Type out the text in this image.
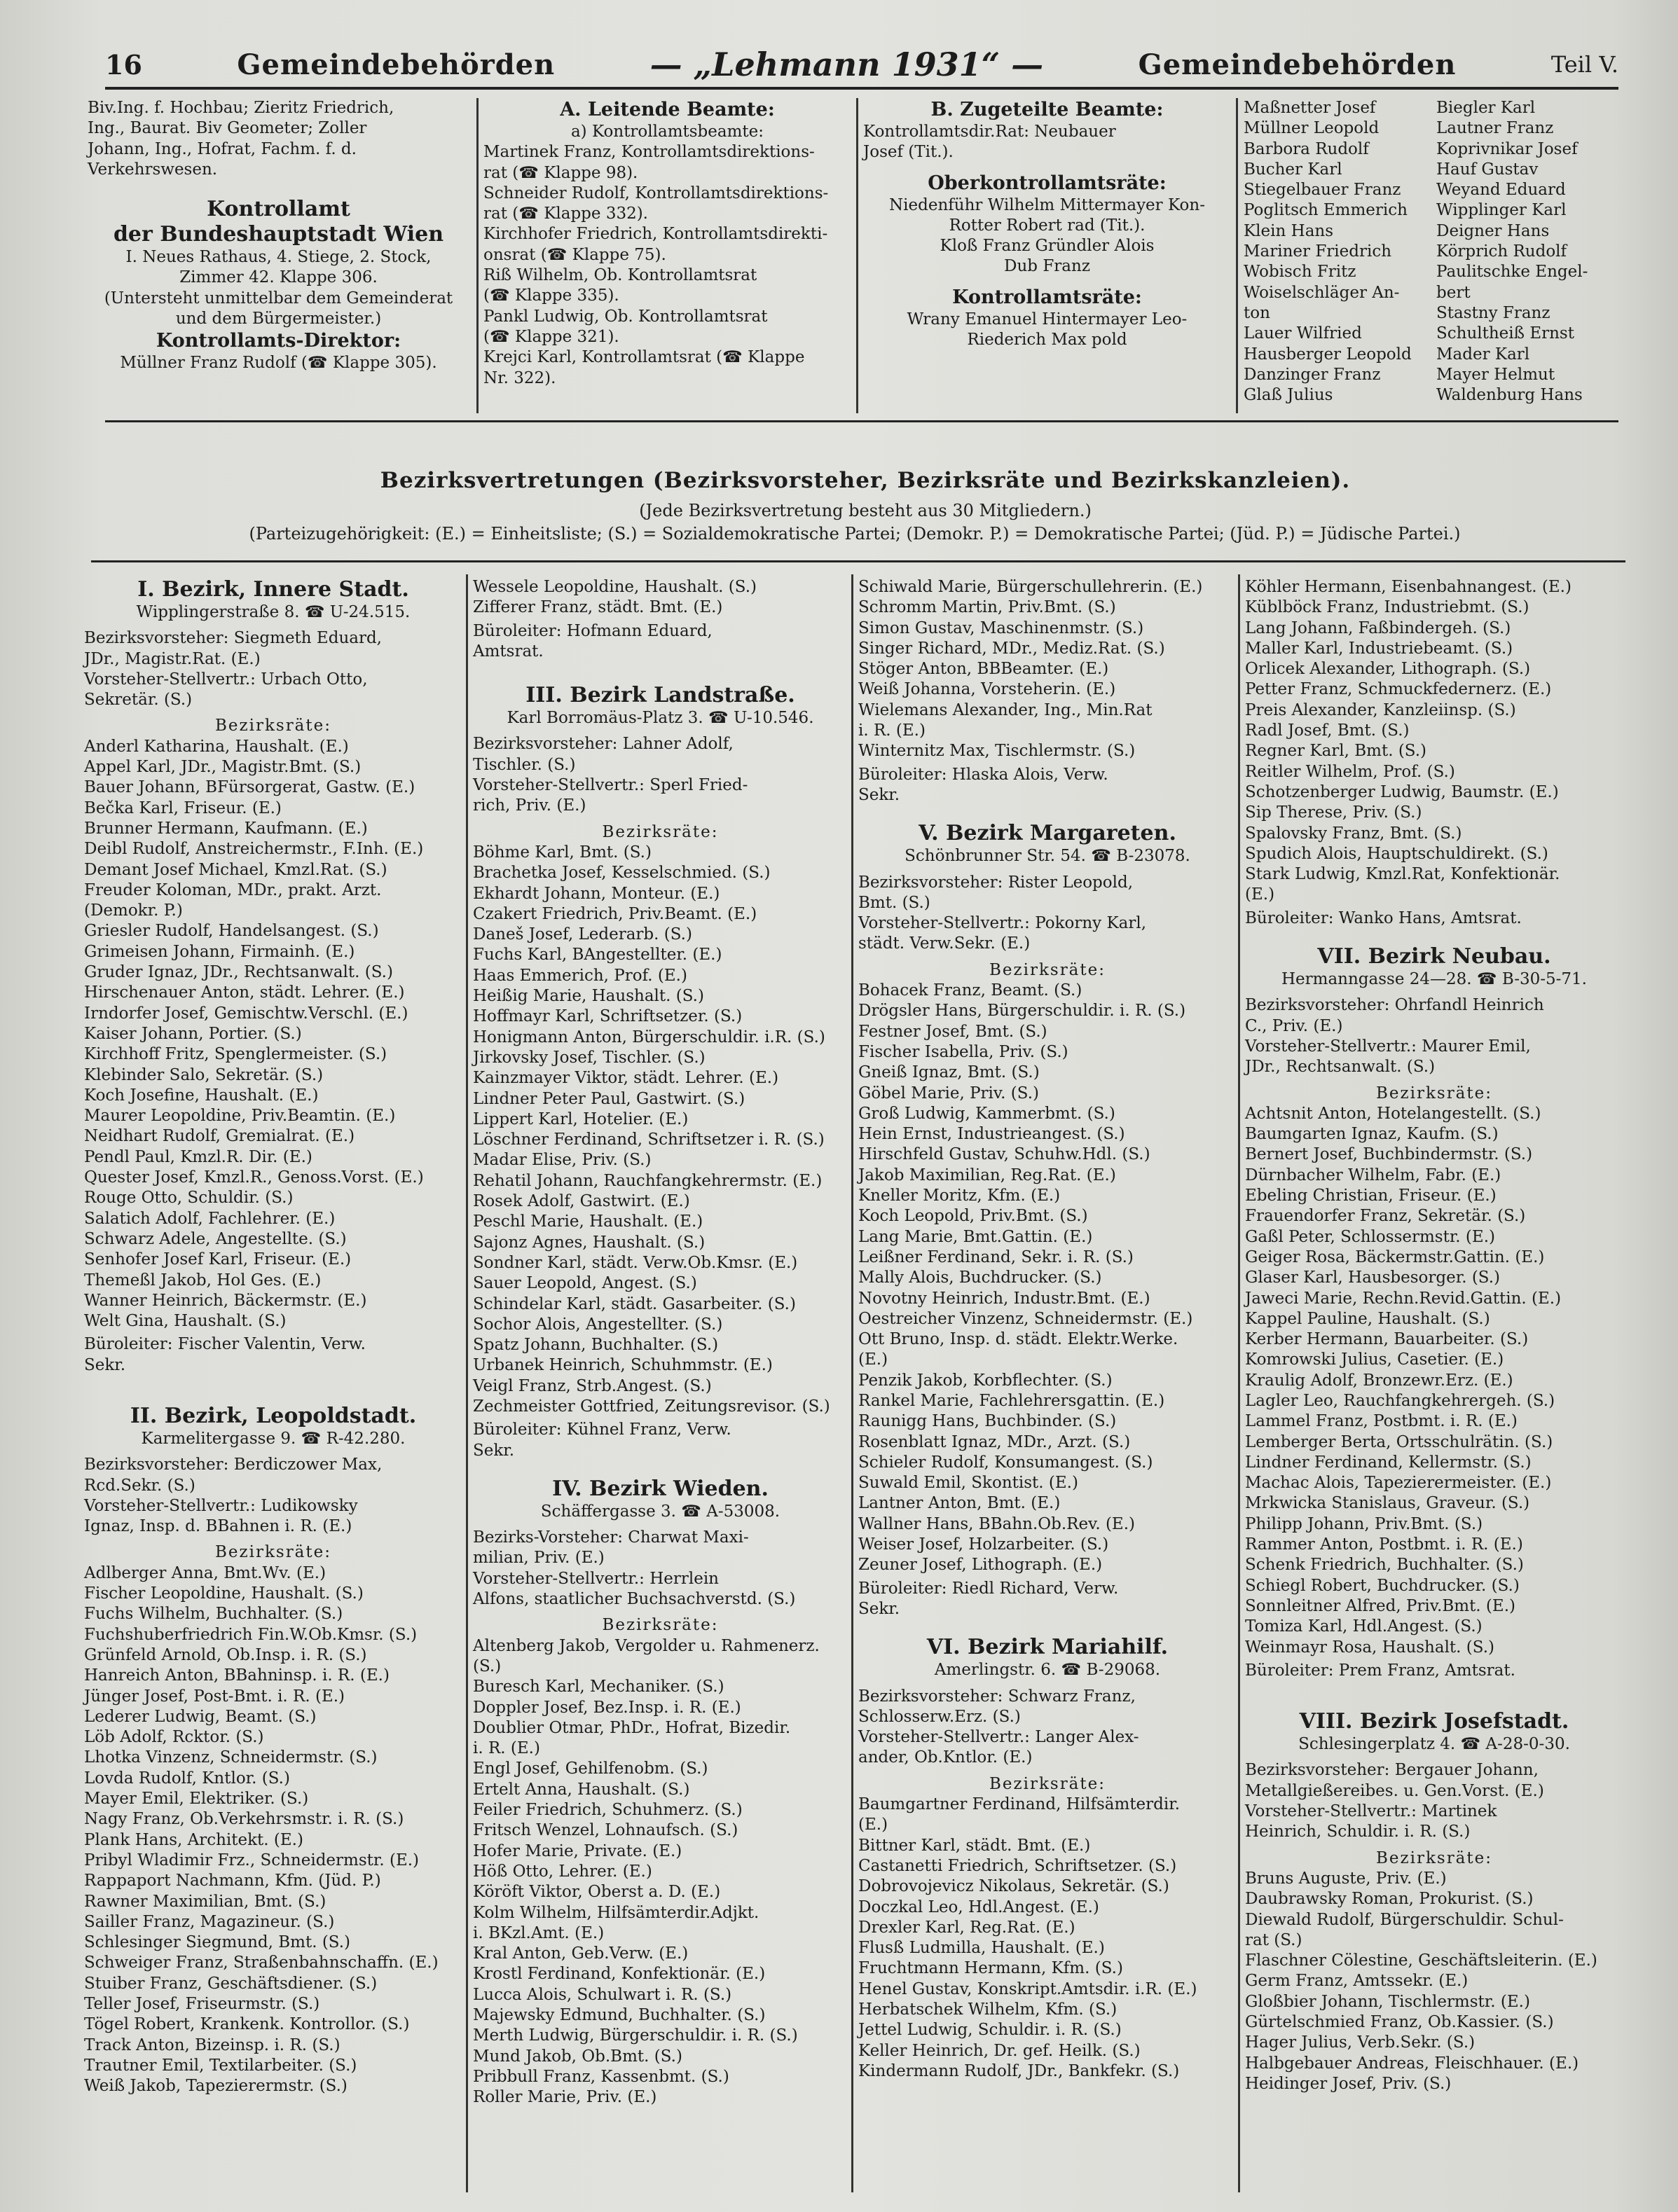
16	Gemeindebehörden	— „Lehmann 1931“ —	Gemeindebehörden	Teil V.

Biv.Ing. f. Hochbau; Zieritz Friedrich,

Ing., Baurat. Biv Geometer; Zoller

Johann, Ing., Hofrat, Fachm. f. d.

Verkehrswesen.

Kontrollamt

der Bundeshauptstadt Wien

I. Neues Rathaus, 4. Stiege, 2. Stock,

Zimmer 42. Klappe 306.

(Untersteht unmittelbar dem Gemeinderat

und dem Bürgermeister.)

Kontrollamts-Direktor:

Müllner Franz Rudolf (☎ Klappe 305).

A. Leitende Beamte:

a) Kontrollamtsbeamte:

Martinek Franz, Kontrollamtsdirektions-

rat (☎ Klappe 98).

Schneider Rudolf, Kontrollamtsdirektions-

rat (☎ Klappe 332).

Kirchhofer Friedrich, Kontrollamtsdirekti-

onsrat (☎ Klappe 75).

Riß Wilhelm, Ob. Kontrollamtsrat

(☎ Klappe 335).

Pankl Ludwig, Ob. Kontrollamtsrat

(☎ Klappe 321).

Krejci Karl, Kontrollamtsrat (☎ Klappe

Nr. 322).

B. Zugeteilte Beamte:

Kontrollamtsdir.Rat: Neubauer

Josef (Tit.).

Oberkontrollamtsräte:

Niedenführ Wilhelm Mittermayer Kon-

Rotter Robert rad (Tit.).

Kloß Franz Gründler Alois

Dub Franz

Kontrollamtsräte:

Wrany Emanuel Hintermayer Leo-

Riederich Max pold

Maßnetter Josef

Müllner Leopold

Barbora Rudolf

Bucher Karl

Stiegelbauer Franz

Poglitsch Emmerich

Klein Hans

Mariner Friedrich

Wobisch Fritz

Woiselschläger An-

ton

Lauer Wilfried

Hausberger Leopold

Danzinger Franz

Glaß Julius

Biegler Karl

Lautner Franz

Koprivnikar Josef

Hauf Gustav

Weyand Eduard

Wipplinger Karl

Deigner Hans

Körprich Rudolf

Paulitschke Engel-

bert

Stastny Franz

Schultheiß Ernst

Mader Karl

Mayer Helmut

Waldenburg Hans

Bezirksvertretungen (Bezirksvorsteher, Bezirksräte und Bezirkskanzleien).
(Jede Bezirksvertretung besteht aus 30 Mitgliedern.)
(Parteizugehörigkeit: (E.) = Einheitsliste; (S.) = Sozialdemokratische Partei; (Demokr. P.) = Demokratische Partei; (Jüd. P.) = Jüdische Partei.)

I. Bezirk, Innere Stadt.

Wipplingerstraße 8. ☎ U-24.515.

Bezirksvorsteher: Siegmeth Eduard,

JDr., Magistr.Rat. (E.)

Vorsteher-Stellvertr.: Urbach Otto,

Sekretär. (S.)

Bezirksräte:

Anderl Katharina, Haushalt. (E.)

Appel Karl, JDr., Magistr.Bmt. (S.)

Bauer Johann, BFürsorgerat, Gastw. (E.)

Bečka Karl, Friseur. (E.)

Brunner Hermann, Kaufmann. (E.)

Deibl Rudolf, Anstreichermstr., F.Inh. (E.)

Demant Josef Michael, Kmzl.Rat. (S.)

Freuder Koloman, MDr., prakt. Arzt.

(Demokr. P.)

Griesler Rudolf, Handelsangest. (S.)

Grimeisen Johann, Firmainh. (E.)

Gruder Ignaz, JDr., Rechtsanwalt. (S.)

Hirschenauer Anton, städt. Lehrer. (E.)

Irndorfer Josef, Gemischtw.Verschl. (E.)

Kaiser Johann, Portier. (S.)

Kirchhoff Fritz, Spenglermeister. (S.)

Klebinder Salo, Sekretär. (S.)

Koch Josefine, Haushalt. (E.)

Maurer Leopoldine, Priv.Beamtin. (E.)

Neidhart Rudolf, Gremialrat. (E.)

Pendl Paul, Kmzl.R. Dir. (E.)

Quester Josef, Kmzl.R., Genoss.Vorst. (E.)

Rouge Otto, Schuldir. (S.)

Salatich Adolf, Fachlehrer. (E.)

Schwarz Adele, Angestellte. (S.)

Senhofer Josef Karl, Friseur. (E.)

Themeßl Jakob, Hol Ges. (E.)

Wanner Heinrich, Bäckermstr. (E.)

Welt Gina, Haushalt. (S.)

Büroleiter: Fischer Valentin, Verw.

Sekr.

II. Bezirk, Leopoldstadt.

Karmelitergasse 9. ☎ R-42.280.

Bezirksvorsteher: Berdiczower Max,

Rcd.Sekr. (S.)

Vorsteher-Stellvertr.: Ludikowsky

Ignaz, Insp. d. BBahnen i. R. (E.)

Bezirksräte:

Adlberger Anna, Bmt.Wv. (E.)

Fischer Leopoldine, Haushalt. (S.)

Fuchs Wilhelm, Buchhalter. (S.)

Fuchshuberfriedrich Fin.W.Ob.Kmsr. (S.)

Grünfeld Arnold, Ob.Insp. i. R. (S.)

Hanreich Anton, BBahninsp. i. R. (E.)

Jünger Josef, Post-Bmt. i. R. (E.)

Lederer Ludwig, Beamt. (S.)

Löb Adolf, Rcktor. (S.)

Lhotka Vinzenz, Schneidermstr. (S.)

Lovda Rudolf, Kntlor. (S.)

Mayer Emil, Elektriker. (S.)

Nagy Franz, Ob.Verkehrsmstr. i. R. (S.)

Plank Hans, Architekt. (E.)

Pribyl Wladimir Frz., Schneidermstr. (E.)

Rappaport Nachmann, Kfm. (Jüd. P.)

Rawner Maximilian, Bmt. (S.)

Sailler Franz, Magazineur. (S.)

Schlesinger Siegmund, Bmt. (S.)

Schweiger Franz, Straßenbahnschaffn. (E.)

Stuiber Franz, Geschäftsdiener. (S.)

Teller Josef, Friseurmstr. (S.)

Tögel Robert, Krankenk. Kontrollor. (S.)

Track Anton, Bizeinsp. i. R. (S.)

Trautner Emil, Textilarbeiter. (S.)

Weiß Jakob, Tapezierermstr. (S.)

Wessele Leopoldine, Haushalt. (S.)

Zifferer Franz, städt. Bmt. (E.)

Büroleiter: Hofmann Eduard,

Amtsrat.

III. Bezirk Landstraße.

Karl Borromäus-Platz 3. ☎ U-10.546.

Bezirksvorsteher: Lahner Adolf,

Tischler. (S.)

Vorsteher-Stellvertr.: Sperl Fried-

rich, Priv. (E.)

Bezirksräte:

Böhme Karl, Bmt. (S.)

Brachetka Josef, Kesselschmied. (S.)

Ekhardt Johann, Monteur. (E.)

Czakert Friedrich, Priv.Beamt. (E.)

Daneš Josef, Lederarb. (S.)

Fuchs Karl, BAngestellter. (E.)

Haas Emmerich, Prof. (E.)

Heißig Marie, Haushalt. (S.)

Hoffmayr Karl, Schriftsetzer. (S.)

Honigmann Anton, Bürgerschuldir. i.R. (S.)

Jirkovsky Josef, Tischler. (S.)

Kainzmayer Viktor, städt. Lehrer. (E.)

Lindner Peter Paul, Gastwirt. (S.)

Lippert Karl, Hotelier. (E.)

Löschner Ferdinand, Schriftsetzer i. R. (S.)

Madar Elise, Priv. (S.)

Rehatil Johann, Rauchfangkehrermstr. (E.)

Rosek Adolf, Gastwirt. (E.)

Peschl Marie, Haushalt. (E.)

Sajonz Agnes, Haushalt. (S.)

Sondner Karl, städt. Verw.Ob.Kmsr. (E.)

Sauer Leopold, Angest. (S.)

Schindelar Karl, städt. Gasarbeiter. (S.)

Sochor Alois, Angestellter. (S.)

Spatz Johann, Buchhalter. (S.)

Urbanek Heinrich, Schuhmmstr. (E.)

Veigl Franz, Strb.Angest. (S.)

Zechmeister Gottfried, Zeitungsrevisor. (S.)

Büroleiter: Kühnel Franz, Verw.

Sekr.

IV. Bezirk Wieden.

Schäffergasse 3. ☎ A-53008.

Bezirks-Vorsteher: Charwat Maxi-

milian, Priv. (E.)

Vorsteher-Stellvertr.: Herrlein

Alfons, staatlicher Buchsachverstd. (S.)

Bezirksräte:

Altenberg Jakob, Vergolder u. Rahmenerz. (S.)

Buresch Karl, Mechaniker. (S.)

Doppler Josef, Bez.Insp. i. R. (E.)

Doublier Otmar, PhDr., Hofrat, Bizedir.

i. R. (E.)

Engl Josef, Gehilfenobm. (S.)

Ertelt Anna, Haushalt. (S.)

Feiler Friedrich, Schuhmerz. (S.)

Fritsch Wenzel, Lohnaufsch. (S.)

Hofer Marie, Private. (E.)

Höß Otto, Lehrer. (E.)

Köröft Viktor, Oberst a. D. (E.)

Kolm Wilhelm, Hilfsämterdir.Adjkt.

i. BKzl.Amt. (E.)

Kral Anton, Geb.Verw. (E.)

Krostl Ferdinand, Konfektionär. (E.)

Lucca Alois, Schulwart i. R. (S.)

Majewsky Edmund, Buchhalter. (S.)

Merth Ludwig, Bürgerschuldir. i. R. (S.)

Mund Jakob, Ob.Bmt. (S.)

Pribbull Franz, Kassenbmt. (S.)

Roller Marie, Priv. (E.)

Schiwald Marie, Bürgerschullehrerin. (E.)

Schromm Martin, Priv.Bmt. (S.)

Simon Gustav, Maschinenmstr. (S.)

Singer Richard, MDr., Mediz.Rat. (S.)

Stöger Anton, BBBeamter. (E.)

Weiß Johanna, Vorsteherin. (E.)

Wielemans Alexander, Ing., Min.Rat

i. R. (E.)

Winternitz Max, Tischlermstr. (S.)

Büroleiter: Hlaska Alois, Verw.

Sekr.

V. Bezirk Margareten.

Schönbrunner Str. 54. ☎ B-23078.

Bezirksvorsteher: Rister Leopold,

Bmt. (S.)

Vorsteher-Stellvertr.: Pokorny Karl,

städt. Verw.Sekr. (E.)

Bezirksräte:

Bohacek Franz, Beamt. (S.)

Drögsler Hans, Bürgerschuldir. i. R. (S.)

Festner Josef, Bmt. (S.)

Fischer Isabella, Priv. (S.)

Gneiß Ignaz, Bmt. (S.)

Göbel Marie, Priv. (S.)

Groß Ludwig, Kammerbmt. (S.)

Hein Ernst, Industrieangest. (S.)

Hirschfeld Gustav, Schuhw.Hdl. (S.)

Jakob Maximilian, Reg.Rat. (E.)

Kneller Moritz, Kfm. (E.)

Koch Leopold, Priv.Bmt. (S.)

Lang Marie, Bmt.Gattin. (E.)

Leißner Ferdinand, Sekr. i. R. (S.)

Mally Alois, Buchdrucker. (S.)

Novotny Heinrich, Industr.Bmt. (E.)

Oestreicher Vinzenz, Schneidermstr. (E.)

Ott Bruno, Insp. d. städt. Elektr.Werke.

(E.)

Penzik Jakob, Korbflechter. (S.)

Rankel Marie, Fachlehrersgattin. (E.)

Raunigg Hans, Buchbinder. (S.)

Rosenblatt Ignaz, MDr., Arzt. (S.)

Schieler Rudolf, Konsumangest. (S.)

Suwald Emil, Skontist. (E.)

Lantner Anton, Bmt. (E.)

Wallner Hans, BBahn.Ob.Rev. (E.)

Weiser Josef, Holzarbeiter. (S.)

Zeuner Josef, Lithograph. (E.)

Büroleiter: Riedl Richard, Verw.

Sekr.

VI. Bezirk Mariahilf.

Amerlingstr. 6. ☎ B-29068.

Bezirksvorsteher: Schwarz Franz,

Schlosserw.Erz. (S.)

Vorsteher-Stellvertr.: Langer Alex-

ander, Ob.Kntlor. (E.)

Bezirksräte:

Baumgartner Ferdinand, Hilfsämterdir.

(E.)

Bittner Karl, städt. Bmt. (E.)

Castanetti Friedrich, Schriftsetzer. (S.)

Dobrovojevicz Nikolaus, Sekretär. (S.)

Doczkal Leo, Hdl.Angest. (E.)

Drexler Karl, Reg.Rat. (E.)

Flusß Ludmilla, Haushalt. (E.)

Fruchtmann Hermann, Kfm. (S.)

Henel Gustav, Konskript.Amtsdir. i.R. (E.)

Herbatschek Wilhelm, Kfm. (S.)

Jettel Ludwig, Schuldir. i. R. (S.)

Keller Heinrich, Dr. gef. Heilk. (S.)

Kindermann Rudolf, JDr., Bankfekr. (S.)

Köhler Hermann, Eisenbahnangest. (E.)

Küblböck Franz, Industriebmt. (S.)

Lang Johann, Faßbindergeh. (S.)

Maller Karl, Industriebeamt. (S.)

Orlicek Alexander, Lithograph. (S.)

Petter Franz, Schmuckfedernerz. (E.)

Preis Alexander, Kanzleiinsp. (S.)

Radl Josef, Bmt. (S.)

Regner Karl, Bmt. (S.)

Reitler Wilhelm, Prof. (S.)

Schotzenberger Ludwig, Baumstr. (E.)

Sip Therese, Priv. (S.)

Spalovsky Franz, Bmt. (S.)

Spudich Alois, Hauptschuldirekt. (S.)

Stark Ludwig, Kmzl.Rat, Konfektionär.

(E.)

Büroleiter: Wanko Hans, Amtsrat.

VII. Bezirk Neubau.

Hermanngasse 24—28. ☎ B-30-5-71.

Bezirksvorsteher: Ohrfandl Heinrich

C., Priv. (E.)

Vorsteher-Stellvertr.: Maurer Emil,

JDr., Rechtsanwalt. (S.)

Bezirksräte:

Achtsnit Anton, Hotelangestellt. (S.)

Baumgarten Ignaz, Kaufm. (S.)

Bernert Josef, Buchbindermstr. (S.)

Dürnbacher Wilhelm, Fabr. (E.)

Ebeling Christian, Friseur. (E.)

Frauendorfer Franz, Sekretär. (S.)

Gaßl Peter, Schlossermstr. (E.)

Geiger Rosa, Bäckermstr.Gattin. (E.)

Glaser Karl, Hausbesorger. (S.)

Jaweci Marie, Rechn.Revid.Gattin. (E.)

Kappel Pauline, Haushalt. (S.)

Kerber Hermann, Bauarbeiter. (S.)

Komrowski Julius, Casetier. (E.)

Kraulig Adolf, Bronzewr.Erz. (E.)

Lagler Leo, Rauchfangkehrergeh. (S.)

Lammel Franz, Postbmt. i. R. (E.)

Lemberger Berta, Ortsschulrätin. (S.)

Lindner Ferdinand, Kellermstr. (S.)

Machac Alois, Tapezierermeister. (E.)

Mrkwicka Stanislaus, Graveur. (S.)

Philipp Johann, Priv.Bmt. (S.)

Rammer Anton, Postbmt. i. R. (E.)

Schenk Friedrich, Buchhalter. (S.)

Schiegl Robert, Buchdrucker. (S.)

Sonnleitner Alfred, Priv.Bmt. (E.)

Tomiza Karl, Hdl.Angest. (S.)

Weinmayr Rosa, Haushalt. (S.)

Büroleiter: Prem Franz, Amtsrat.

VIII. Bezirk Josefstadt.

Schlesingerplatz 4. ☎ A-28-0-30.

Bezirksvorsteher: Bergauer Johann,

Metallgießereibes. u. Gen.Vorst. (E.)

Vorsteher-Stellvertr.: Martinek

Heinrich, Schuldir. i. R. (S.)

Bezirksräte:

Bruns Auguste, Priv. (E.)

Daubrawsky Roman, Prokurist. (S.)

Diewald Rudolf, Bürgerschuldir. Schul-

rat (S.)

Flaschner Cölestine, Geschäftsleiterin. (E.)

Germ Franz, Amtssekr. (E.)

Gloßbier Johann, Tischlermstr. (E.)

Gürtelschmied Franz, Ob.Kassier. (S.)

Hager Julius, Verb.Sekr. (S.)

Halbgebauer Andreas, Fleischhauer. (E.)

Heidinger Josef, Priv. (S.)
